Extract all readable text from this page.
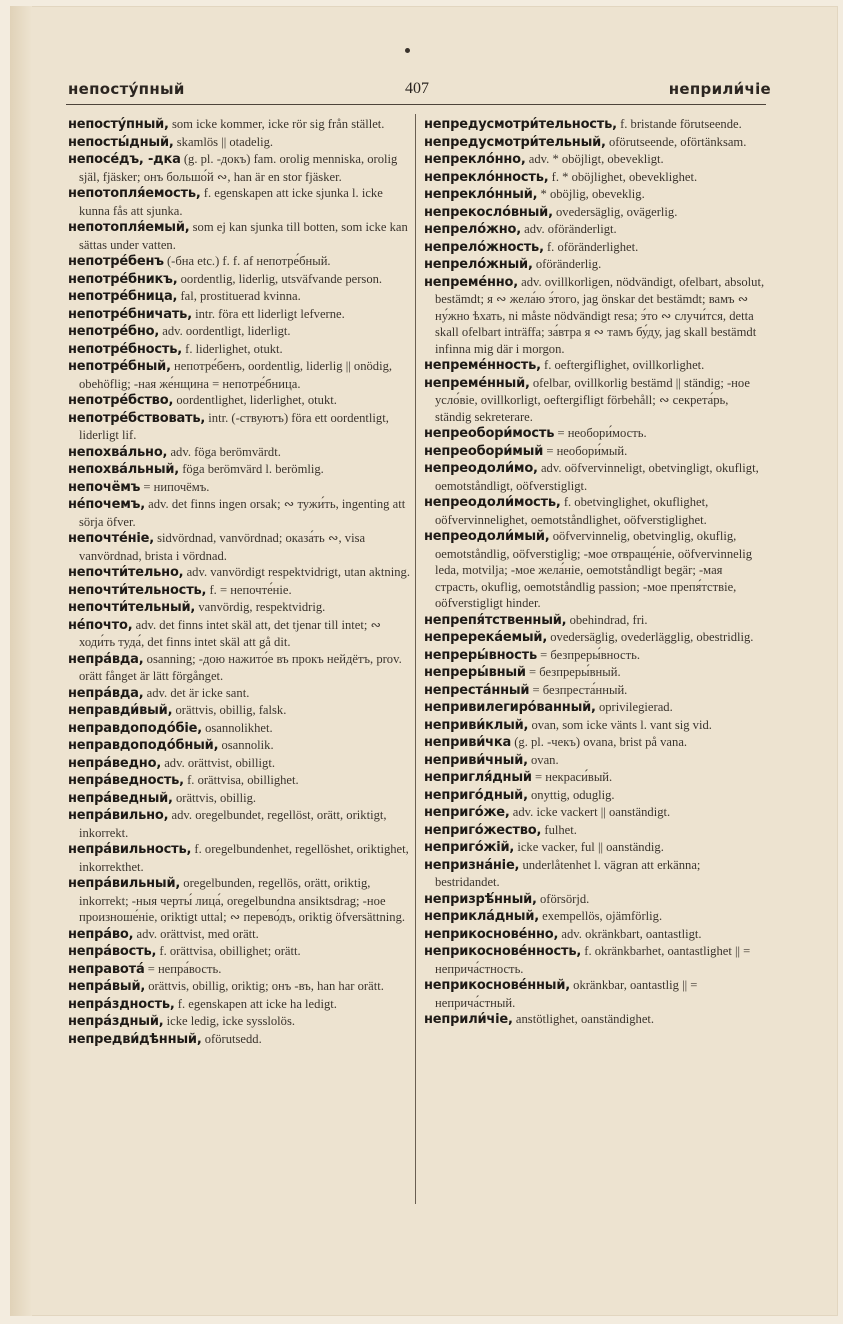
непосту́пный	407	неприли́чіе

непосту́пный, som icke kommer, icke rör sig från stället.

непосты́дный, skamlös || otadelig.

непосе́дъ, -дка (g. pl. -докъ) fam. orolig menniska, orolig själ, fjäsker; онъ большо́й ∾, han är en stor fjäsker.

непотопля́емость, f. egenskapen att icke sjunka l. icke kunna fås att sjunka.

непотопля́емый, som ej kan sjunka till botten, som icke kan sättas under vatten.

непотре́бенъ (-бна etc.) f. f. af непотре́бный.

непотре́бникъ, oordentlig, liderlig, utsväfvande person.

непотре́бница, fal, prostituerad kvinna.

непотре́бничать, intr. föra ett liderligt lefverne.

непотре́бно, adv. oordentligt, liderligt.

непотре́бность, f. liderlighet, otukt.

непотре́бный, непотре́бенъ, oordentlig, liderlig || onödig, obehöflig; -ная же́нщина = непотре́бница.

непотре́бство, oordentlighet, liderlighet, otukt.

непотре́бствовать, intr. (-ствуютъ) föra ett oordentligt, liderligt lif.

непохва́льно, adv. föga berömvärdt.

непохва́льный, föga berömvärd l. berömlig.

непочёмъ = нипочёмъ.

не́почемъ, adv. det finns ingen orsak; ∾ тужи́ть, ingenting att sörja öfver.

непочте́ніе, sidvördnad, vanvördnad; оказа́ть ∾, visa vanvördnad, brista i vördnad.

непочти́тельно, adv. vanvördigt respektvidrigt, utan aktning.

непочти́тельность, f. = непочте́ніе.

непочти́тельный, vanvördig, respektvidrig.

не́почто, adv. det finns intet skäl att, det tjenar till intet; ∾ ходи́ть туда́, det finns intet skäl att gå dit.

непра́вда, osanning; -дою нажито́е въ прокъ нейдётъ, prov. orätt fånget är lätt förgånget.

непра́вда, adv. det är icke sant.

неправди́вый, orättvis, obillig, falsk.

неправдоподо́біе, osannolikhet.

неправдоподо́бный, osannolik.

непра́ведно, adv. orättvist, obilligt.

непра́ведность, f. orättvisa, obillighet.

непра́ведный, orättvis, obillig.

непра́вильно, adv. oregelbundet, regellöst, orätt, oriktigt, inkorrekt.

непра́вильность, f. oregelbundenhet, regellöshet, oriktighet, inkorrekthet.

непра́вильный, oregelbunden, regellös, orätt, oriktig, inkorrekt; -ныя черты́ лица́, oregelbundna ansiktsdrag; -ное произноше́ніе, oriktigt uttal; ∾ перево́дъ, oriktig öfversättning.

непра́во, adv. orättvist, med orätt.

непра́вость, f. orättvisa, obillighet; orätt.

неправота́ = непра́вость.

непра́вый, orättvis, obillig, oriktig; онъ -въ, han har orätt.

непра́здность, f. egenskapen att icke ha ledigt.

непра́здный, icke ledig, icke sysslolös.

непредви́дѣнный, oförutsedd.

непредусмотри́тельность, f. bristande förutseende.

непредусмотри́тельный, oförutseende, oförtänksam.

непреклóнно, adv. * oböjligt, obevekligt.

непреклóнность, f. * oböjlighet, obeveklighet.

непреклóнный, * oböjlig, obeveklig.

непрекослóвный, ovedersäglig, ovägerlig.

непрелóжно, adv. oföränderligt.

непрелóжность, f. oföränderlighet.

непрелóжный, oföränderlig.

непреме́нно, adv. ovillkorligen, nödvändigt, ofelbart, absolut, bestämdt; я ∾ жела́ю э́того, jag önskar det bestämdt; вамъ ∾ ну́жно ѣхать, ni måste nödvändigt resa; э́то ∾ случи́тся, detta skall ofelbart inträffa; за́втра я ∾ тамъ бу́ду, jag skall bestämdt infinna mig där i morgon.

непреме́нность, f. oeftergiflighet, ovillkorlighet.

непреме́нный, ofelbar, ovillkorlig bestämd || ständig; -ное усло́віе, ovillkorligt, oeftergifligt förbehåll; ∾ секрета́рь, ständig sekreterare.

непреобори́мость = необори́мость.

непреобори́мый = необори́мый.

непреодоли́мо, adv. oöfvervinneligt, obetvingligt, okufligt, oemotståndligt, oöfverstigligt.

непреодоли́мость, f. obetvinglighet, okuflighet, oöfvervinnelighet, oemotståndlighet, oöfverstiglighet.

непреодоли́мый, oöfvervinnelig, obetvinglig, okuflig, oemotståndlig, oöfverstiglig; -мое отвраще́ніе, oöfvervinnelig leda, motvilja; -мое жела́ніе, oemotståndligt begär; -мая страсть, okuflig, oemotståndlig passion; -мое препя́тствіе, oöfverstigligt hinder.

непрепя́тственный, obehindrad, fri.

непререка́емый, ovedersäglig, ovederlägglig, obestridlig.

непреры́вность = безпреры́вность.

непреры́вный = безпреры́вный.

непреста́нный = безпреста́нный.

непривилегиро́ванный, oprivilegierad.

неприви́клый, ovan, som icke vänts l. vant sig vid.

неприви́чка (g. pl. -чекъ) ovana, brist på vana.

неприви́чный, ovan.

непригля́дный = некраси́вый.

неприго́дный, onyttig, oduglig.

неприго́же, adv. icke vackert || oanständigt.

неприго́жество, fulhet.

неприго́жій, icke vacker, ful || oanständig.

непризна́ніе, underlåtenhet l. vägran att erkänna; bestridandet.

непризрѣ́нный, oförsörjd.

неприкла́дный, exempellös, ojämförlig.

неприкоснове́нно, adv. okränkbart, oantastligt.

неприкоснове́нность, f. okränkbarhet, oantastlighet || = неприча́стность.

неприкоснове́нный, okränkbar, oantastlig || = неприча́стный.

неприли́чіе, anstötlighet, oanständighet.
